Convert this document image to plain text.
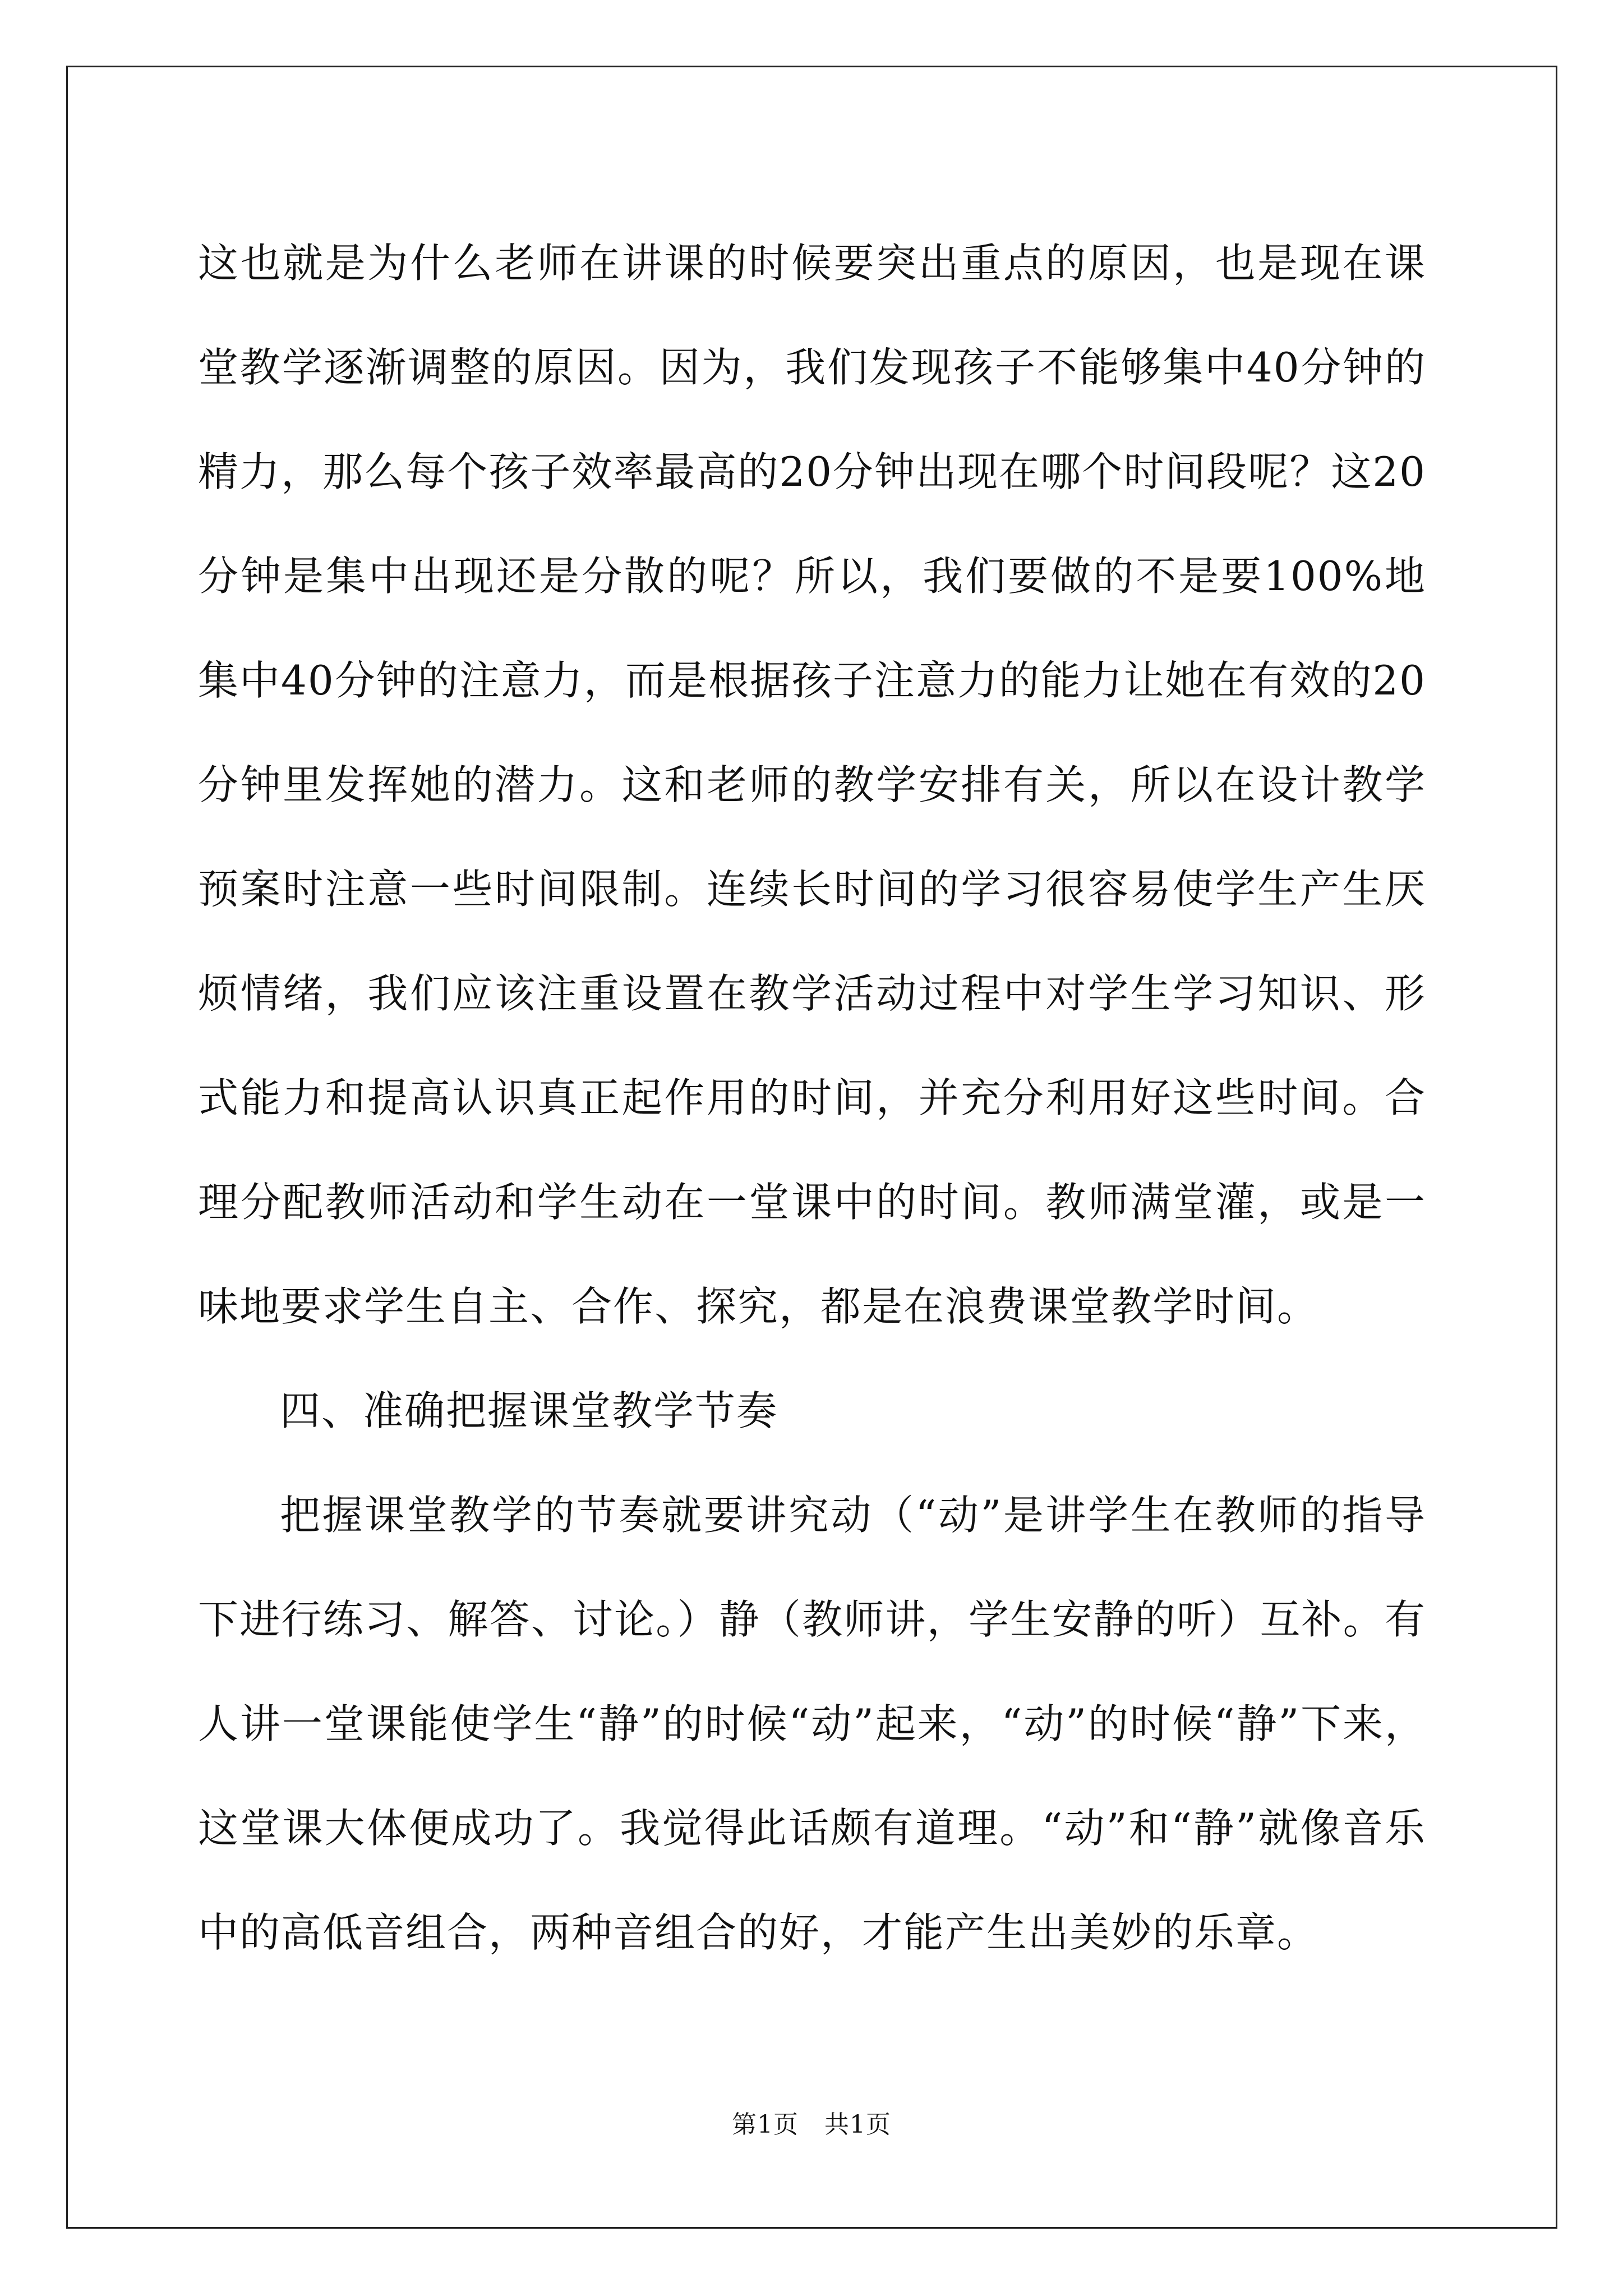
这也就是为什么老师在讲课的时候要突出重点的原因，也是现在课堂教学逐渐调整的原因。因为，我们发现孩子不能够集中40分钟的精力，那么每个孩子效率最高的20分钟出现在哪个时间段呢？这20分钟是集中出现还是分散的呢？所以，我们要做的不是要100%地集中40分钟的注意力，而是根据孩子注意力的能力让她在有效的20分钟里发挥她的潜力。这和老师的教学安排有关，所以在设计教学预案时注意一些时间限制。连续长时间的学习很容易使学生产生厌烦情绪，我们应该注重设置在教学活动过程中对学生学习知识、形式能力和提高认识真正起作用的时间，并充分利用好这些时间。合理分配教师活动和学生动在一堂课中的时间。教师满堂灌，或是一味地要求学生自主、合作、探究，都是在浪费课堂教学时间。

四、准确把握课堂教学节奏

把握课堂教学的节奏就要讲究动（“动”是讲学生在教师的指导下进行练习、解答、讨论。）静（教师讲，学生安静的听）互补。有人讲一堂课能使学生“静”的时候“动”起来，“动”的时候“静”下来，这堂课大体便成功了。我觉得此话颇有道理。“动”和“静”就像音乐中的高低音组合，两种音组合的好，才能产生出美妙的乐章。

第1页 共1页
